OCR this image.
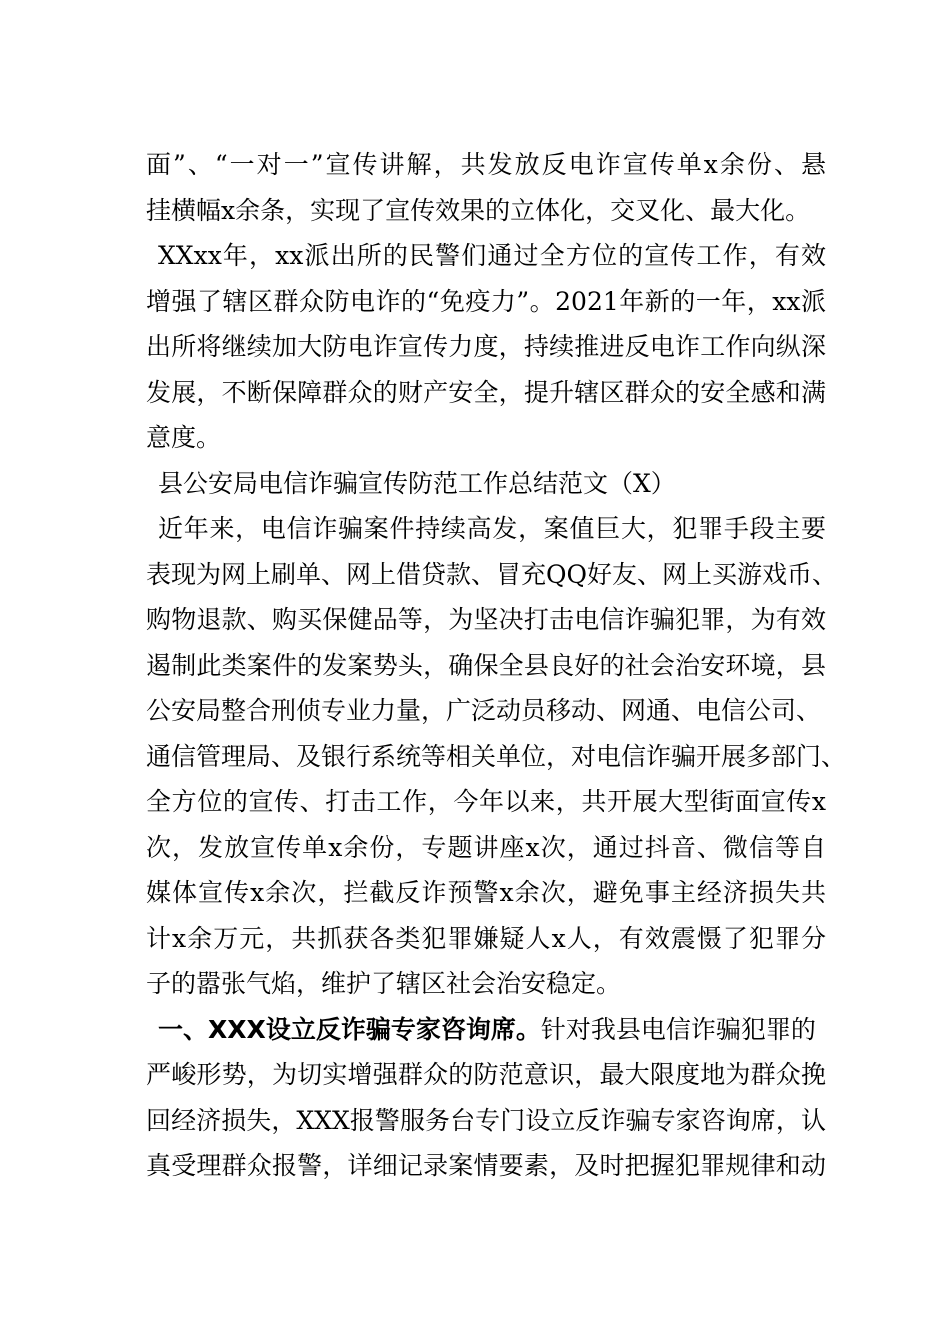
面”、“一对一”宣传讲解，共发放反电诈宣传单x余份、悬
挂横幅x余条，实现了宣传效果的立体化，交叉化、最大化。
XXxx年，xx派出所的民警们通过全方位的宣传工作，有效
增强了辖区群众防电诈的“免疫力”。2021年新的一年，xx派
出所将继续加大防电诈宣传力度，持续推进反电诈工作向纵深
发展，不断保障群众的财产安全，提升辖区群众的安全感和满
意度。
县公安局电信诈骗宣传防范工作总结范文（X）
近年来，电信诈骗案件持续高发，案值巨大，犯罪手段主要
表现为网上刷单、网上借贷款、冒充QQ好友、网上买游戏币、
购物退款、购买保健品等，为坚决打击电信诈骗犯罪，为有效
遏制此类案件的发案势头，确保全县良好的社会治安环境，县
公安局整合刑侦专业力量，广泛动员移动、网通、电信公司、
通信管理局、及银行系统等相关单位，对电信诈骗开展多部门、
全方位的宣传、打击工作，今年以来，共开展大型街面宣传x
次，发放宣传单x余份，专题讲座x次，通过抖音、微信等自
媒体宣传x余次，拦截反诈预警x余次，避免事主经济损失共
计x余万元，共抓获各类犯罪嫌疑人x人，有效震慑了犯罪分
子的嚣张气焰，维护了辖区社会治安稳定。
一、XXX设立反诈骗专家咨询席。针对我县电信诈骗犯罪的
严峻形势，为切实增强群众的防范意识，最大限度地为群众挽
回经济损失，XXX报警服务台专门设立反诈骗专家咨询席，认
真受理群众报警，详细记录案情要素，及时把握犯罪规律和动
